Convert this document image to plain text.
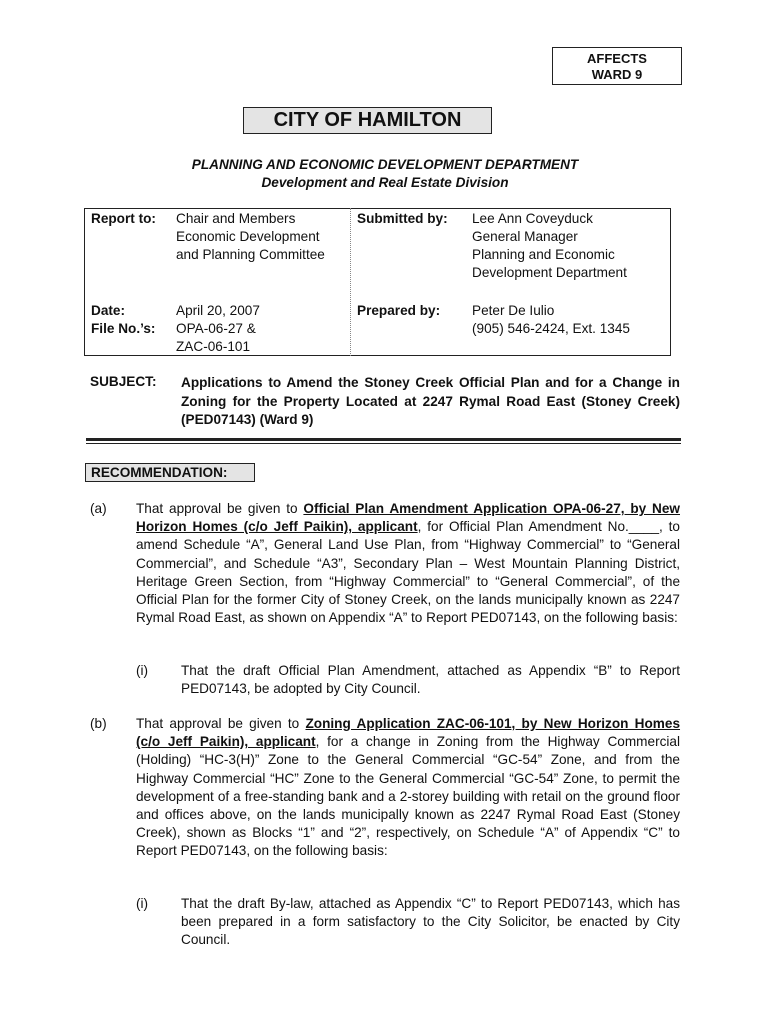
AFFECTS
WARD 9
CITY OF HAMILTON
PLANNING AND ECONOMIC DEVELOPMENT DEPARTMENT
Development and Real Estate Division
Report to: Chair and Members
Economic Development
and Planning Committee
Submitted by: Lee Ann Coveyduck
General Manager
Planning and Economic
Development Department
Date:
File No.’s:
April 20, 2007
OPA-06-27 &
ZAC-06-101
Prepared by: Peter De Iulio
(905) 546-2424, Ext. 1345
SUBJECT: Applications to Amend the Stoney Creek Official Plan and for a Change in Zoning for the Property Located at 2247 Rymal Road East (Stoney Creek) (PED07143) (Ward 9)
RECOMMENDATION:
(a) That approval be given to Official Plan Amendment Application OPA-06-27, by New Horizon Homes (c/o Jeff Paikin), applicant, for Official Plan Amendment No.____, to amend Schedule “A”, General Land Use Plan, from “Highway Commercial” to “General Commercial”, and Schedule “A3”, Secondary Plan – West Mountain Planning District, Heritage Green Section, from “Highway Commercial” to “General Commercial”, of the Official Plan for the former City of Stoney Creek, on the lands municipally known as 2247 Rymal Road East, as shown on Appendix “A” to Report PED07143, on the following basis:
(i) That the draft Official Plan Amendment, attached as Appendix “B” to Report PED07143, be adopted by City Council.
(b) That approval be given to Zoning Application ZAC-06-101, by New Horizon Homes (c/o Jeff Paikin), applicant, for a change in Zoning from the Highway Commercial (Holding) “HC-3(H)” Zone to the General Commercial “GC-54” Zone, and from the Highway Commercial “HC” Zone to the General Commercial “GC-54” Zone, to permit the development of a free-standing bank and a 2-storey building with retail on the ground floor and offices above, on the lands municipally known as 2247 Rymal Road East (Stoney Creek), shown as Blocks “1” and “2”, respectively, on Schedule “A” of Appendix “C” to Report PED07143, on the following basis:
(i) That the draft By-law, attached as Appendix “C” to Report PED07143, which has been prepared in a form satisfactory to the City Solicitor, be enacted by City Council.
